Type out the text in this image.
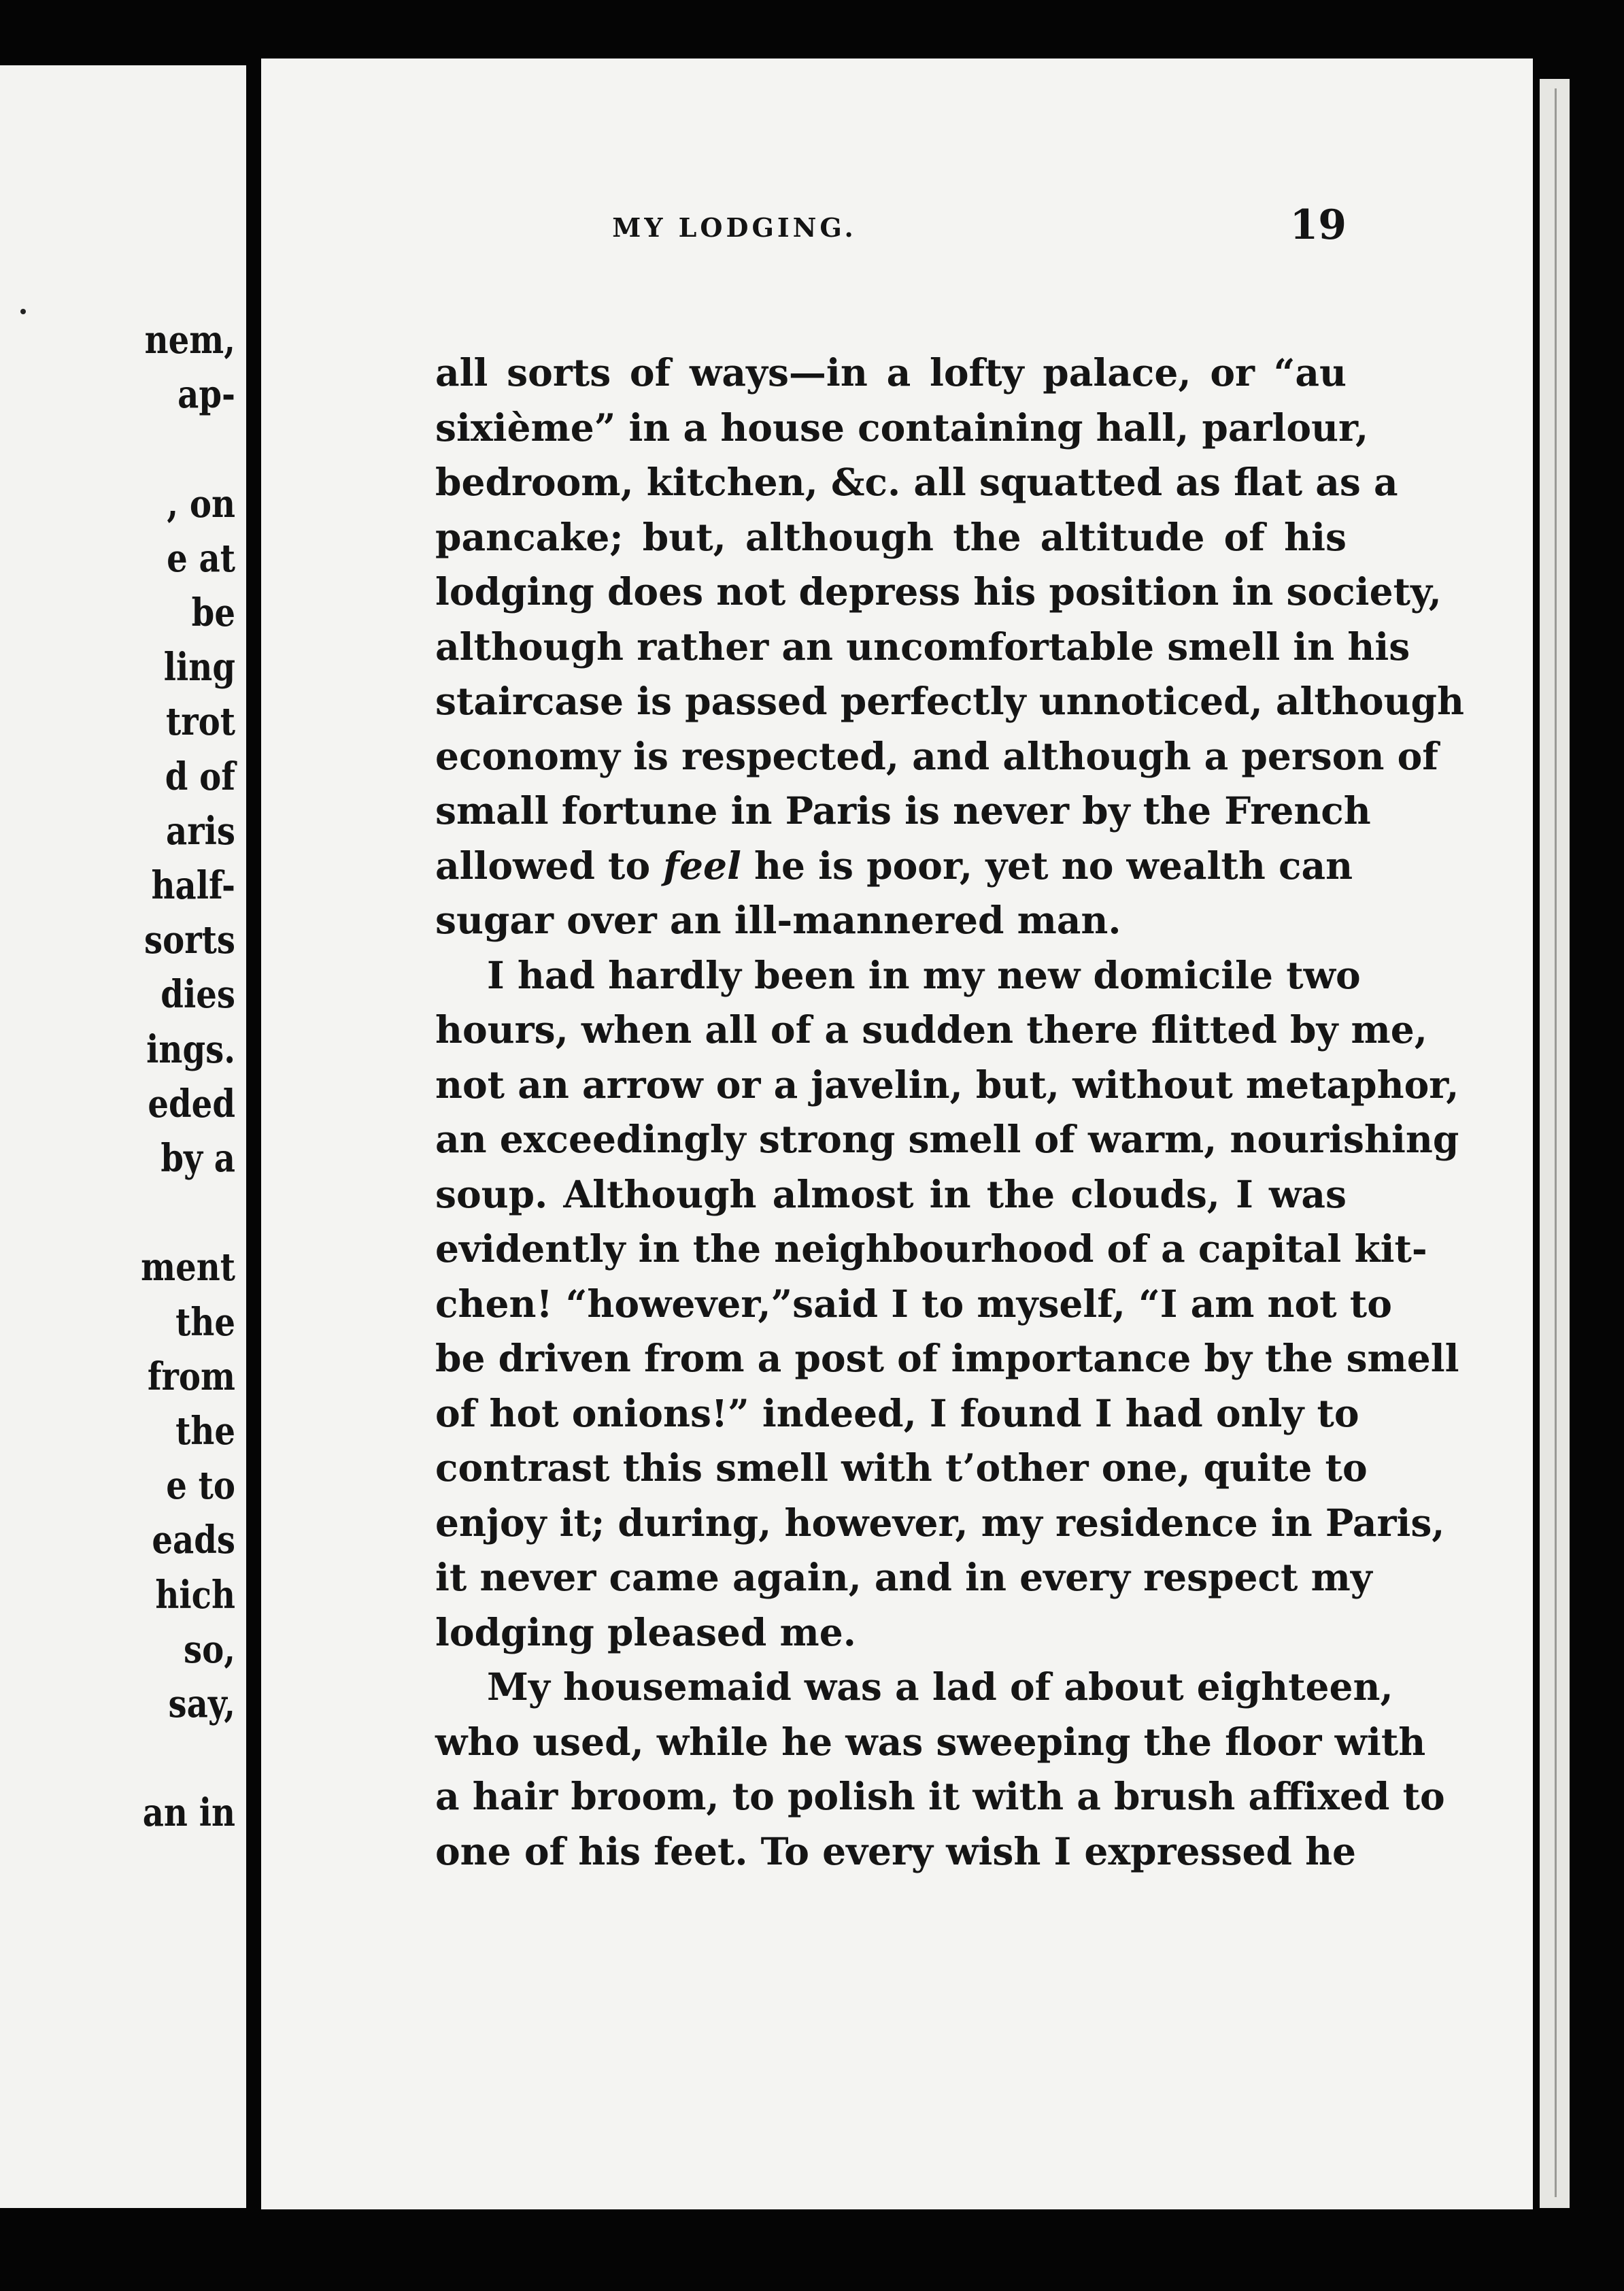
nem,
ap-
, on
e at
be
ling
trot
d of
aris
half-
sorts
dies
ings.
eded
by a
ment
the
from
the
e to
eads
hich
so,
say,
an in
MY LODGING.	19
all sorts of ways—in a lofty palace, or “au
sixième” in a house containing hall, parlour,
bedroom, kitchen, &c. all squatted as flat as a
pancake; but, although the altitude of his
lodging does not depress his position in society,
although rather an uncomfortable smell in his
staircase is passed perfectly unnoticed, although
economy is respected, and although a person of
small fortune in Paris is never by the French
allowed to feel he is poor, yet no wealth can
sugar over an ill-mannered man.
I had hardly been in my new domicile two
hours, when all of a sudden there flitted by me,
not an arrow or a javelin, but, without metaphor,
an exceedingly strong smell of warm, nourishing
soup. Although almost in the clouds, I was
evidently in the neighbourhood of a capital kit-
chen! “however,”said I to myself, “I am not to
be driven from a post of importance by the smell
of hot onions!” indeed, I found I had only to
contrast this smell with t’other one, quite to
enjoy it; during, however, my residence in Paris,
it never came again, and in every respect my
lodging pleased me.
My housemaid was a lad of about eighteen,
who used, while he was sweeping the floor with
a hair broom, to polish it with a brush affixed to
one of his feet. To every wish I expressed he
